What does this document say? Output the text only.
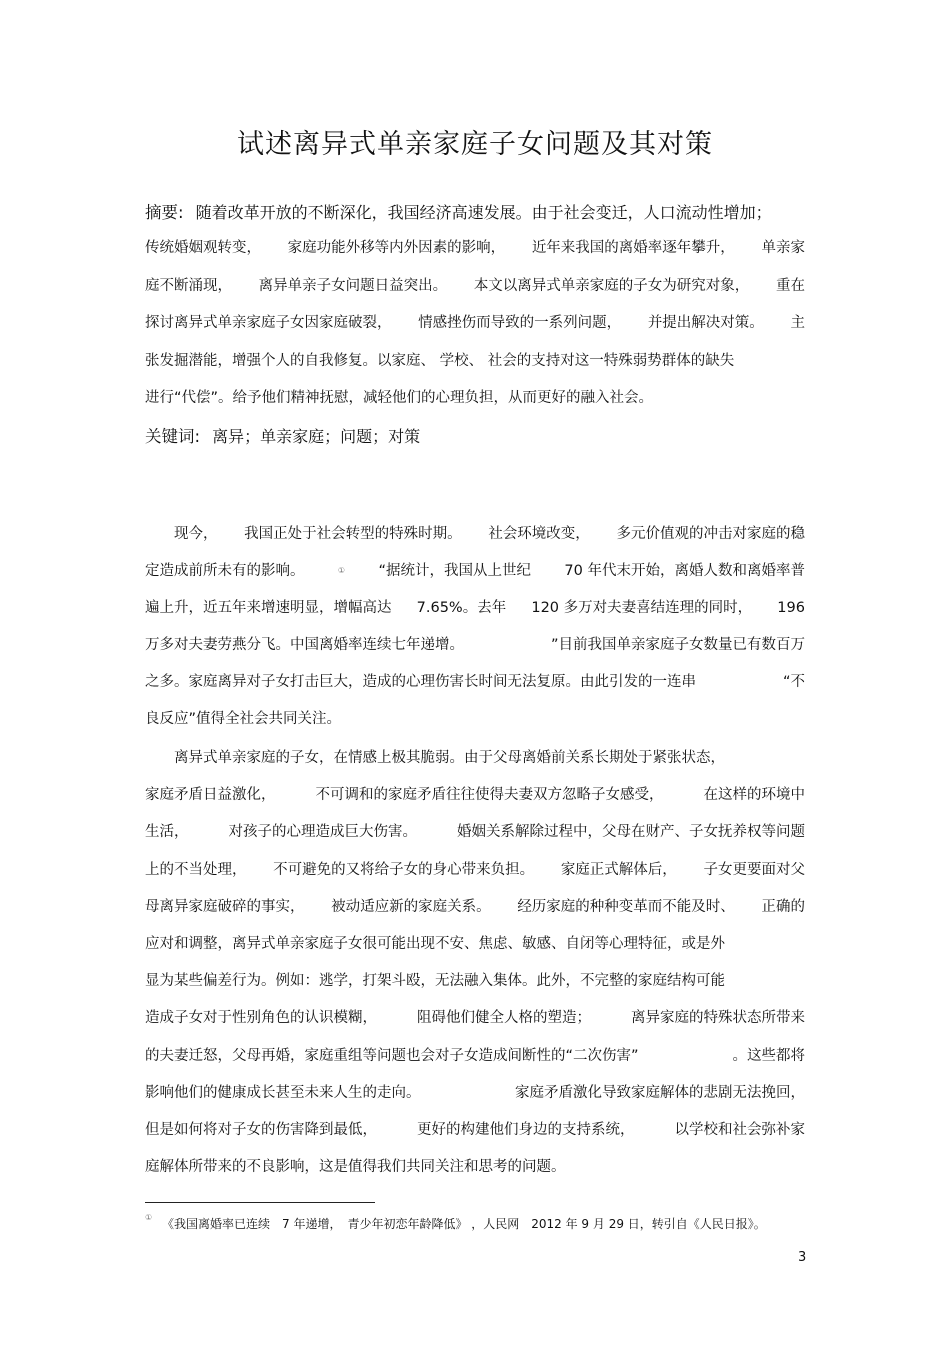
试述离异式单亲家庭子女问题及其对策
摘要: 随着改革开放的不断深化，我国经济高速发展。由于社会变迁，人口流动性增加；
传统婚姻观转变， 家庭功能外移等内外因素的影响， 近年来我国的离婚率逐年攀升， 单亲家
庭不断涌现， 离异单亲子女问题日益突出。 本文以离异式单亲家庭的子女为研究对象， 重在
探讨离异式单亲家庭子女因家庭破裂， 情感挫伤而导致的一系列问题， 并提出解决对策。 主
张发掘潜能，增强个人的自我修复。以家庭、 学校、 社会的支持对这一特殊弱势群体的缺失
进行“代偿”。给予他们精神抚慰，减轻他们的心理负担，从而更好的融入社会。
关键词: 离异；单亲家庭；问题；对策
　　现今， 我国正处于社会转型的特殊时期。 社会环境改变， 多元价值观的冲击对家庭的稳
定造成前所未有的影响。	① “据统计，我国从上世纪 70 年代末开始，离婚人数和离婚率普
遍上升，近五年来增速明显，增幅高达 7.65%。去年 120 多万对夫妻喜结连理的同时， 196
万多对夫妻劳燕分飞。中国离婚率连续七年递增。	”目前我国单亲家庭子女数量已有数百万
之多。家庭离异对子女打击巨大，造成的心理伤害长时间无法复原。由此引发的一连串	“不
良反应”值得全社会共同关注。
　　离异式单亲家庭的子女，在情感上极其脆弱。由于父母离婚前关系长期处于紧张状态，
家庭矛盾日益激化，	不可调和的家庭矛盾往往使得夫妻双方忽略子女感受，	在这样的环境中
生活，	对孩子的心理造成巨大伤害。	婚姻关系解除过程中，父母在财产、子女抚养权等问题
上的不当处理， 不可避免的又将给子女的身心带来负担。 家庭正式解体后， 子女更要面对父
母离异家庭破碎的事实， 被动适应新的家庭关系。 经历家庭的种种变革而不能及时、 正确的
应对和调整，离异式单亲家庭子女很可能出现不安、焦虑、敏感、自闭等心理特征，或是外
显为某些偏差行为。例如：逃学，打架斗殴，无法融入集体。此外，不完整的家庭结构可能
造成子女对于性别角色的认识模糊，	阻碍他们健全人格的塑造；	离异家庭的特殊状态所带来
的夫妻迁怒，父母再婚，家庭重组等问题也会对子女造成间断性的“二次伤害”	。这些都将
影响他们的健康成长甚至未来人生的走向。	家庭矛盾激化导致家庭解体的悲剧无法挽回，
但是如何将对子女的伤害降到最低，	更好的构建他们身边的支持系统，	以学校和社会弥补家
庭解体所带来的不良影响，这是值得我们共同关注和思考的问题。
① 《我国离婚率已连续　7 年递增，　青少年初恋年龄降低》 ，人民网　2012 年 9 月 29 日，转引自《人民日报》。
3
